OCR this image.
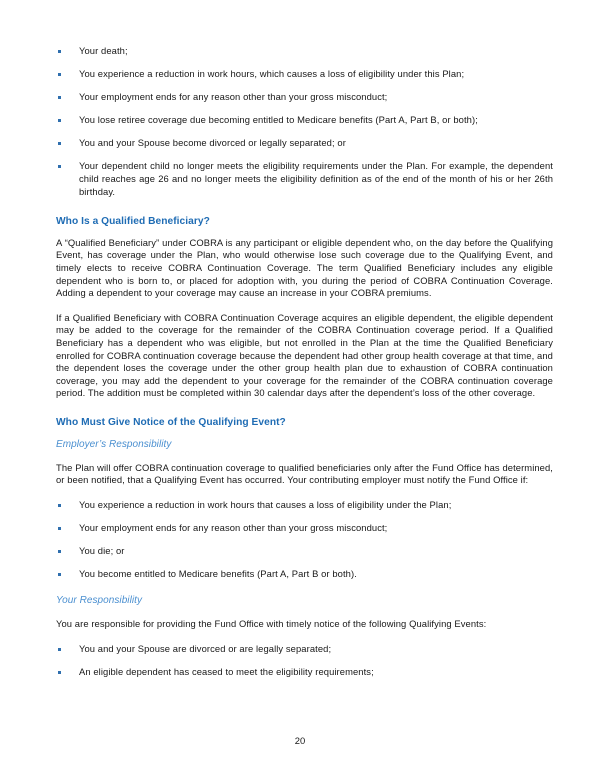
Your death;
You experience a reduction in work hours, which causes a loss of eligibility under this Plan;
Your employment ends for any reason other than your gross misconduct;
You lose retiree coverage due becoming entitled to Medicare benefits (Part A, Part B, or both);
You and your Spouse become divorced or legally separated; or
Your dependent child no longer meets the eligibility requirements under the Plan. For example, the dependent child reaches age 26 and no longer meets the eligibility definition as of the end of the month of his or her 26th birthday.
Who Is a Qualified Beneficiary?

A “Qualified Beneficiary” under COBRA is any participant or eligible dependent who, on the day before the Qualifying Event, has coverage under the Plan, who would otherwise lose such coverage due to the Qualifying Event, and timely elects to receive COBRA Continuation Coverage. The term Qualified Beneficiary includes any eligible dependent who is born to, or placed for adoption with, you during the period of COBRA Continuation Coverage. Adding a dependent to your coverage may cause an increase in your COBRA premiums.

If a Qualified Beneficiary with COBRA Continuation Coverage acquires an eligible dependent, the eligible dependent may be added to the coverage for the remainder of the COBRA Continuation coverage period. If a Qualified Beneficiary has a dependent who was eligible, but not enrolled in the Plan at the time the Qualified Beneficiary enrolled for COBRA continuation coverage because the dependent had other group health coverage at that time, and the dependent loses the coverage under the other group health plan due to exhaustion of COBRA continuation coverage, you may add the dependent to your coverage for the remainder of the COBRA continuation coverage period. The addition must be completed within 30 calendar days after the dependent’s loss of the other coverage.

Who Must Give Notice of the Qualifying Event?
Employer’s Responsibility

The Plan will offer COBRA continuation coverage to qualified beneficiaries only after the Fund Office has determined, or been notified, that a Qualifying Event has occurred. Your contributing employer must notify the Fund Office if:

You experience a reduction in work hours that causes a loss of eligibility under the Plan;
Your employment ends for any reason other than your gross misconduct;
You die; or
You become entitled to Medicare benefits (Part A, Part B or both).
Your Responsibility

You are responsible for providing the Fund Office with timely notice of the following Qualifying Events:

You and your Spouse are divorced or are legally separated;
An eligible dependent has ceased to meet the eligibility requirements;
20
